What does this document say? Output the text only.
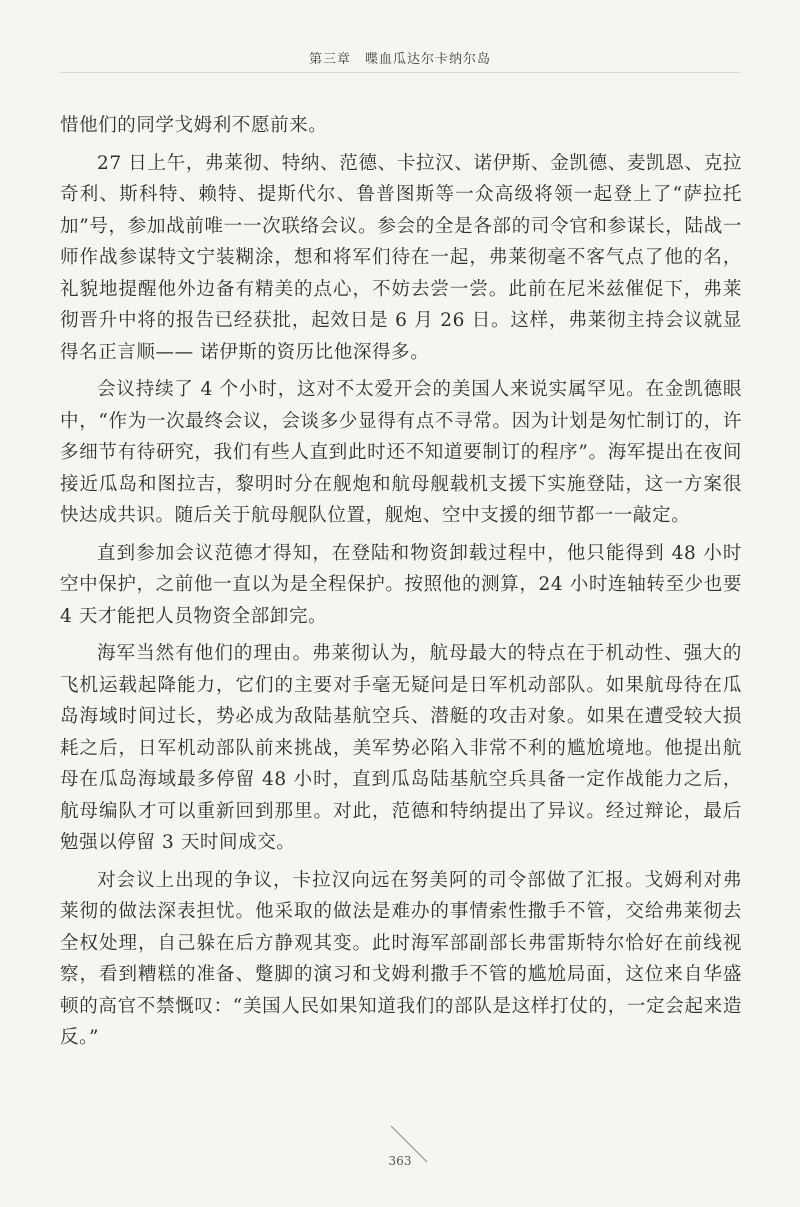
第三章　喋血瓜达尔卡纳尔岛

惜他们的同学戈姆利不愿前来。

27 日上午，弗莱彻、特纳、范德、卡拉汉、诺伊斯、金凯德、麦凯恩、克拉奇利、斯科特、赖特、提斯代尔、鲁普图斯等一众高级将领一起登上了“萨拉托加”号，参加战前唯一一次联络会议。参会的全是各部的司令官和参谋长，陆战一师作战参谋特文宁装糊涂，想和将军们待在一起，弗莱彻毫不客气点了他的名，礼貌地提醒他外边备有精美的点心，不妨去尝一尝。此前在尼米兹催促下，弗莱彻晋升中将的报告已经获批，起效日是 6 月 26 日。这样，弗莱彻主持会议就显得名正言顺—— 诺伊斯的资历比他深得多。

会议持续了 4 个小时，这对不太爱开会的美国人来说实属罕见。在金凯德眼中，“作为一次最终会议，会谈多少显得有点不寻常。因为计划是匆忙制订的，许多细节有待研究，我们有些人直到此时还不知道要制订的程序”。海军提出在夜间接近瓜岛和图拉吉，黎明时分在舰炮和航母舰载机支援下实施登陆，这一方案很快达成共识。随后关于航母舰队位置，舰炮、空中支援的细节都一一敲定。

直到参加会议范德才得知，在登陆和物资卸载过程中，他只能得到 48 小时空中保护，之前他一直以为是全程保护。按照他的测算，24 小时连轴转至少也要 4 天才能把人员物资全部卸完。

海军当然有他们的理由。弗莱彻认为，航母最大的特点在于机动性、强大的飞机运载起降能力，它们的主要对手毫无疑问是日军机动部队。如果航母待在瓜岛海域时间过长，势必成为敌陆基航空兵、潜艇的攻击对象。如果在遭受较大损耗之后，日军机动部队前来挑战，美军势必陷入非常不利的尴尬境地。他提出航母在瓜岛海域最多停留 48 小时，直到瓜岛陆基航空兵具备一定作战能力之后，航母编队才可以重新回到那里。对此，范德和特纳提出了异议。经过辩论，最后勉强以停留 3 天时间成交。

对会议上出现的争议，卡拉汉向远在努美阿的司令部做了汇报。戈姆利对弗莱彻的做法深表担忧。他采取的做法是难办的事情索性撒手不管，交给弗莱彻去全权处理，自己躲在后方静观其变。此时海军部副部长弗雷斯特尔恰好在前线视察，看到糟糕的准备、蹩脚的演习和戈姆利撒手不管的尴尬局面，这位来自华盛顿的高官不禁慨叹：“美国人民如果知道我们的部队是这样打仗的，一定会起来造反。”

363
